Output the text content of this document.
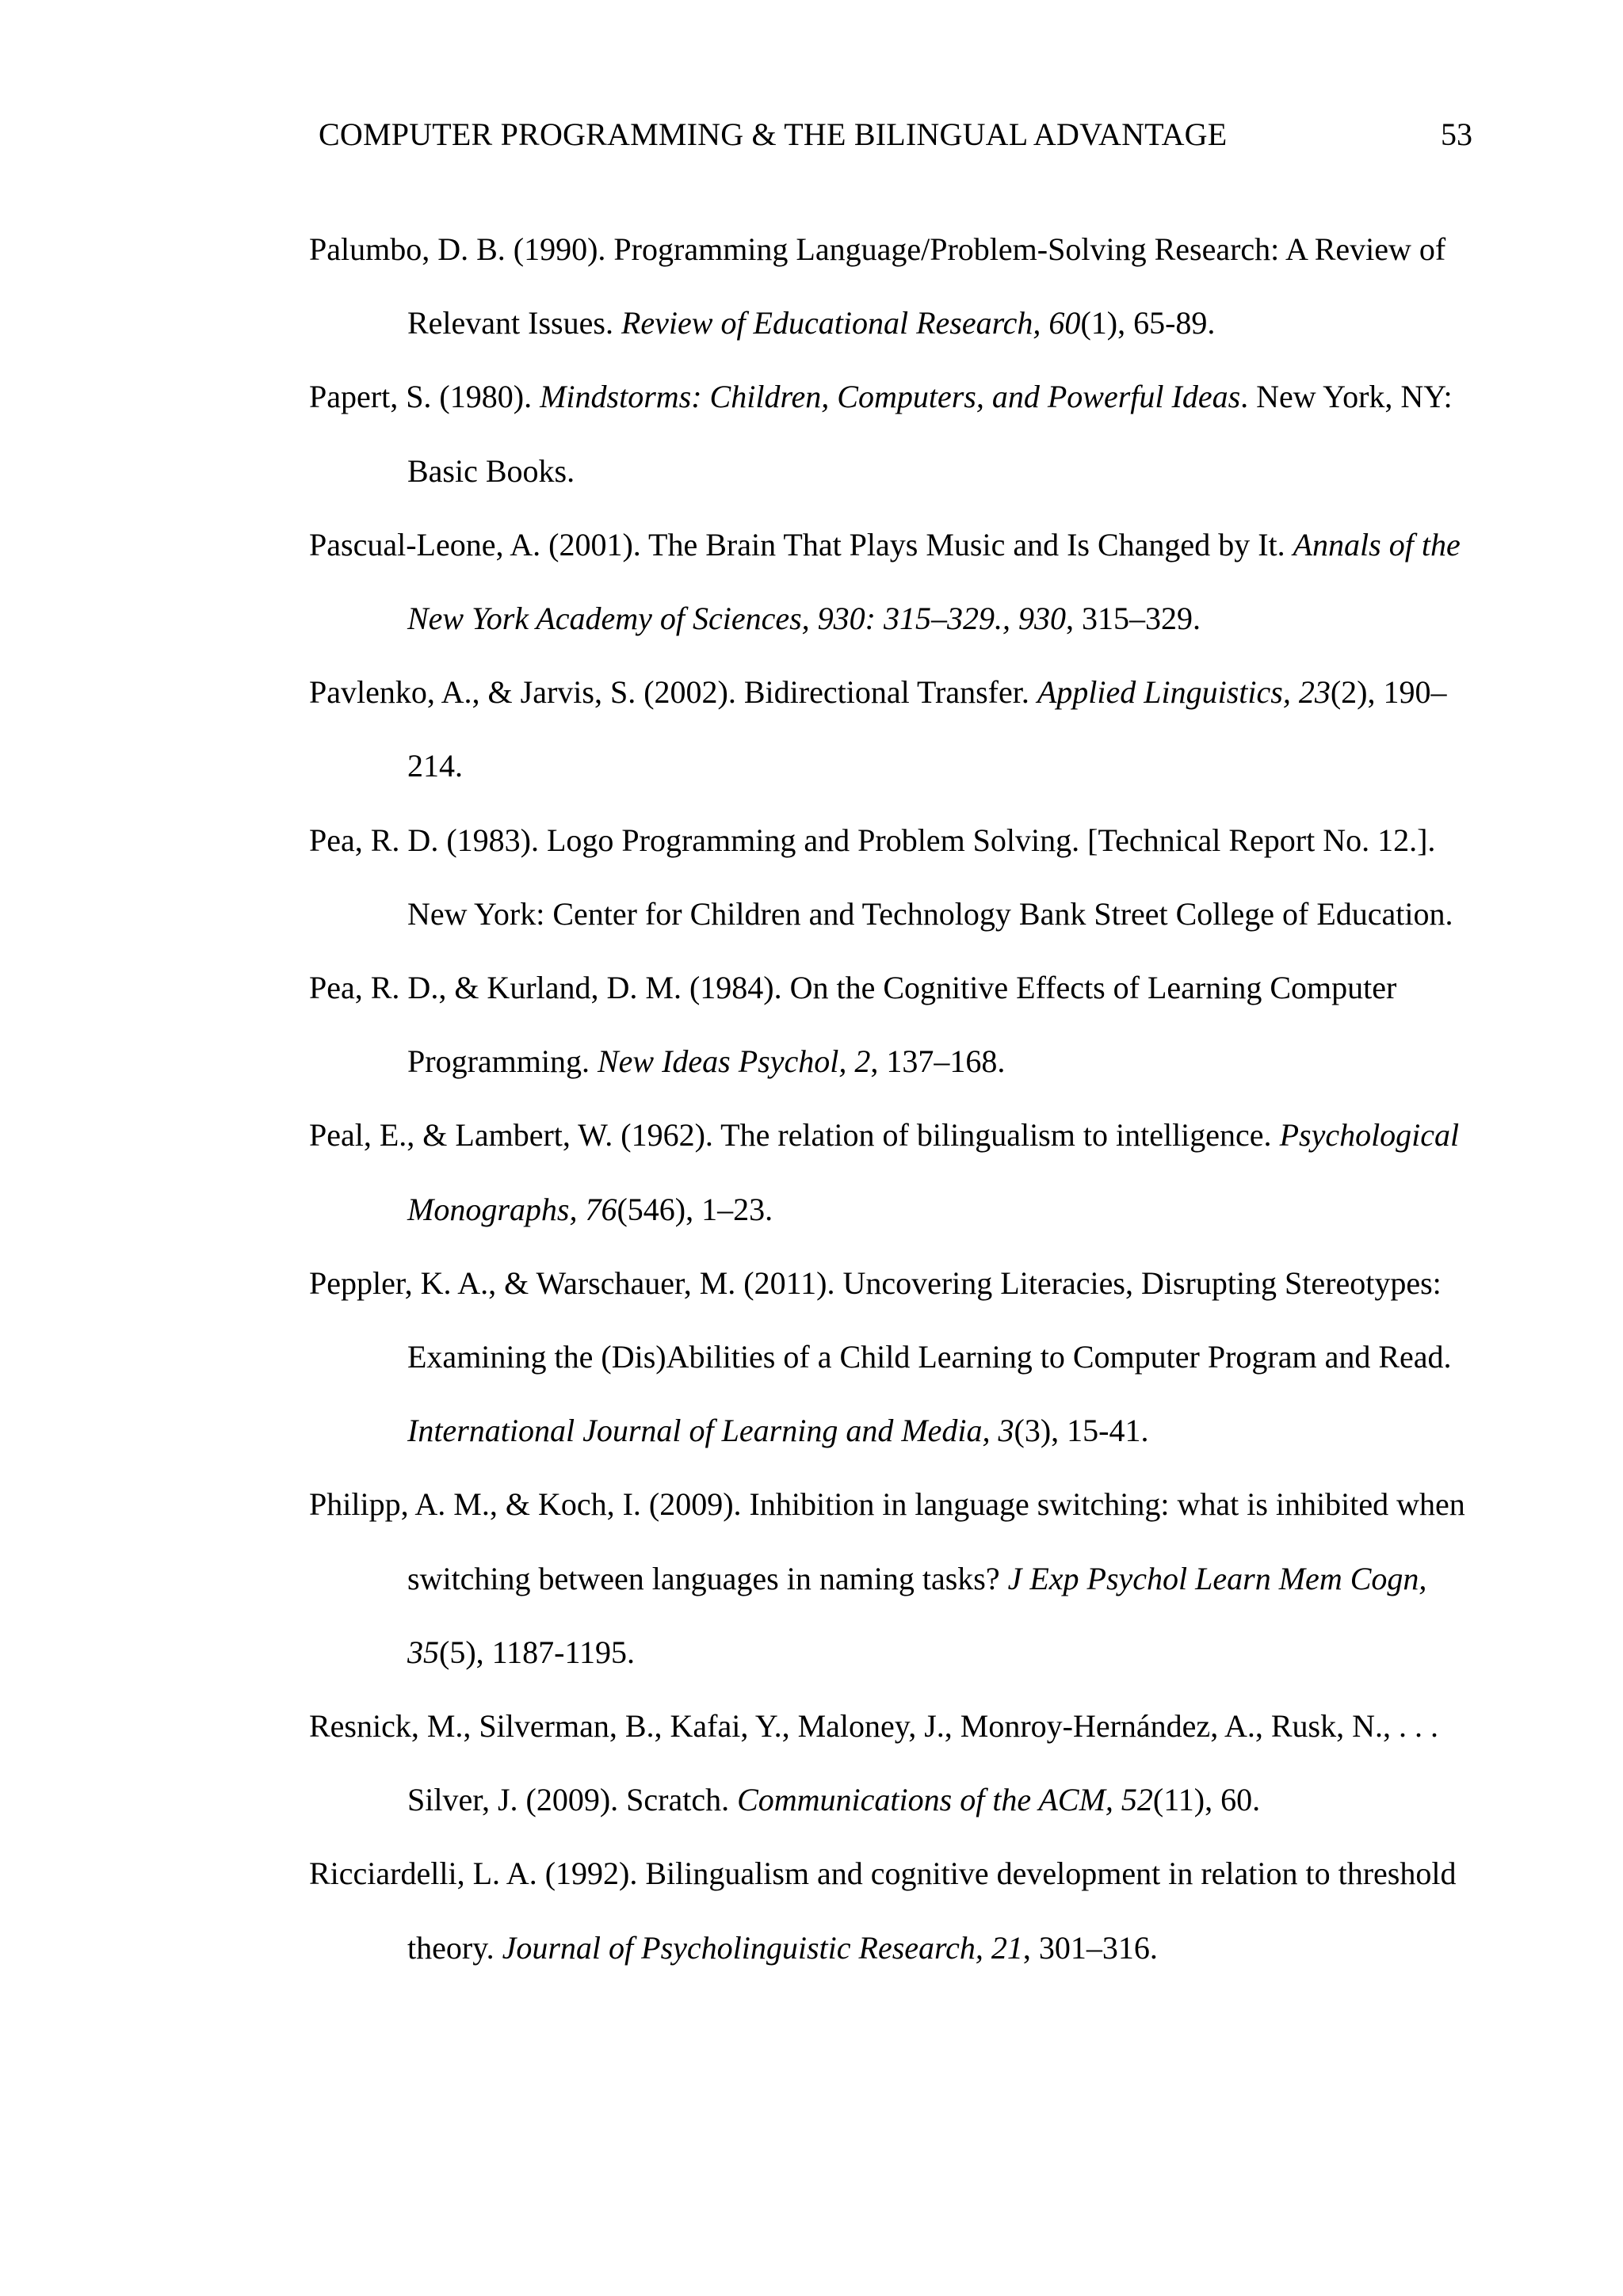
COMPUTER PROGRAMMING & THE BILINGUAL ADVANTAGE	53
Palumbo, D. B. (1990). Programming Language/Problem-Solving Research: A Review of Relevant Issues. Review of Educational Research, 60(1), 65-89.
Papert, S. (1980). Mindstorms: Children, Computers, and Powerful Ideas. New York, NY: Basic Books.
Pascual-Leone, A. (2001). The Brain That Plays Music and Is Changed by It. Annals of the New York Academy of Sciences, 930: 315–329., 930, 315–329.
Pavlenko, A., & Jarvis, S. (2002). Bidirectional Transfer. Applied Linguistics, 23(2), 190–214.
Pea, R. D. (1983). Logo Programming and Problem Solving. [Technical Report No. 12.]. New York: Center for Children and Technology Bank Street College of Education.
Pea, R. D., & Kurland, D. M. (1984). On the Cognitive Effects of Learning Computer Programming. New Ideas Psychol, 2, 137–168.
Peal, E., & Lambert, W. (1962). The relation of bilingualism to intelligence. Psychological Monographs, 76(546), 1–23.
Peppler, K. A., & Warschauer, M. (2011). Uncovering Literacies, Disrupting Stereotypes: Examining the (Dis)Abilities of a Child Learning to Computer Program and Read. International Journal of Learning and Media, 3(3), 15-41.
Philipp, A. M., & Koch, I. (2009). Inhibition in language switching: what is inhibited when switching between languages in naming tasks? J Exp Psychol Learn Mem Cogn, 35(5), 1187-1195.
Resnick, M., Silverman, B., Kafai, Y., Maloney, J., Monroy-Hernández, A., Rusk, N., . . . Silver, J. (2009). Scratch. Communications of the ACM, 52(11), 60.
Ricciardelli, L. A. (1992). Bilingualism and cognitive development in relation to threshold theory. Journal of Psycholinguistic Research, 21, 301–316.
